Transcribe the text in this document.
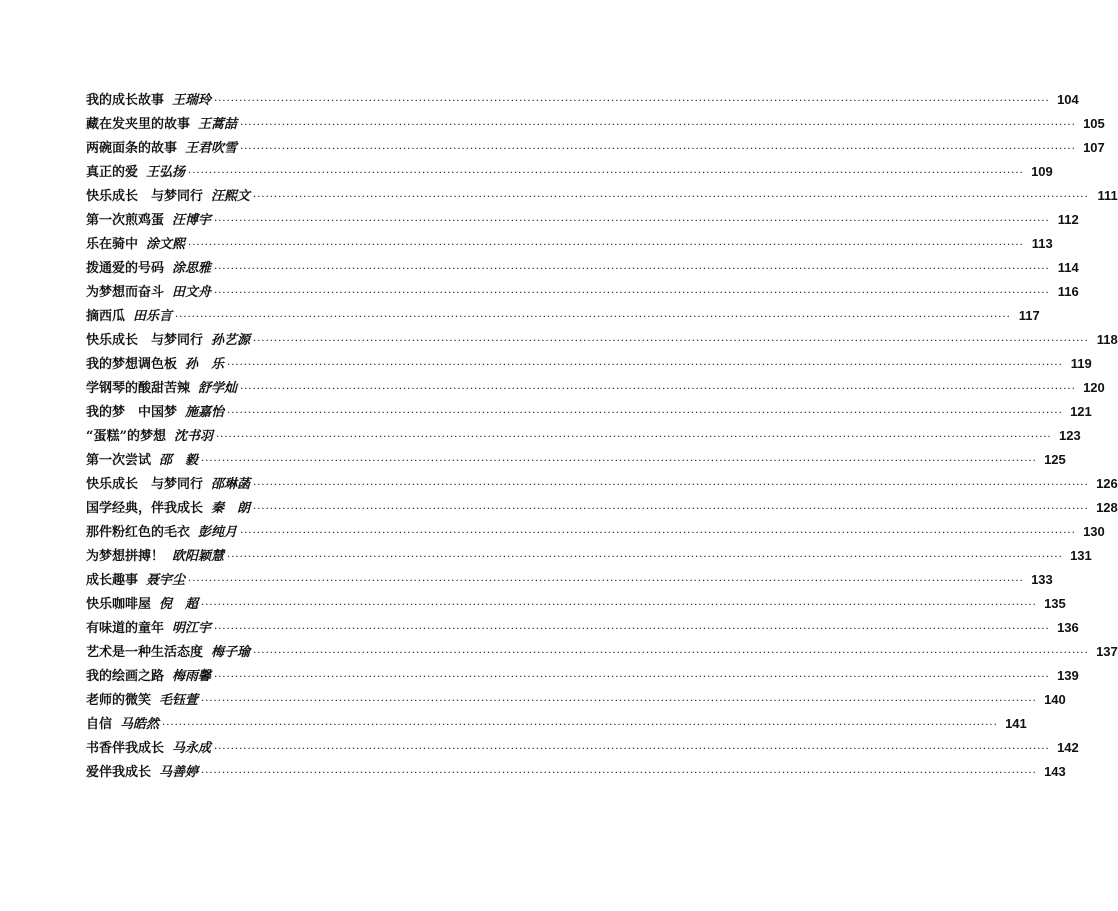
我的成长故事 王瑞玲 ········································································································································································································ 104
藏在发夹里的故事 王蒿喆 ········································································································································································································ 105
两碗面条的故事 王君吹雪 ········································································································································································································ 107
真正的爱 王弘扬 ········································································································································································································ 109
快乐成长　与梦同行 汪熙文 ········································································································································································································ 111
第一次煎鸡蛋 汪博宇 ········································································································································································································ 112
乐在骑中 涂文熙 ········································································································································································································ 113
拨通爱的号码 涂思雅 ········································································································································································································ 114
为梦想而奋斗 田文舟 ········································································································································································································ 116
摘西瓜 田乐言 ········································································································································································································ 117
快乐成长　与梦同行 孙艺源 ········································································································································································································ 118
我的梦想调色板 孙　乐 ········································································································································································································ 119
学钢琴的酸甜苦辣 舒学灿 ········································································································································································································ 120
我的梦　中国梦 施嘉怡 ········································································································································································································ 121
“蛋糕”的梦想 沈书羽 ········································································································································································································ 123
第一次尝试 邵　毅 ········································································································································································································ 125
快乐成长　与梦同行 邵琳菡 ········································································································································································································ 126
国学经典，伴我成长 秦　朗 ········································································································································································································ 128
那件粉红色的毛衣 彭纯月 ········································································································································································································ 130
为梦想拼搏！ 欧阳颖慧 ········································································································································································································ 131
成长趣事 聂宇尘 ········································································································································································································ 133
快乐咖啡屋 倪　超 ········································································································································································································ 135
有味道的童年 明江宇 ········································································································································································································ 136
艺术是一种生活态度 梅子瑜 ········································································································································································································ 137
我的绘画之路 梅雨馨 ········································································································································································································ 139
老师的微笑 毛钰萱 ········································································································································································································ 140
自信 马皓然 ········································································································································································································ 141
书香伴我成长 马永成 ········································································································································································································ 142
爱伴我成长 马善婷 ········································································································································································································ 143
